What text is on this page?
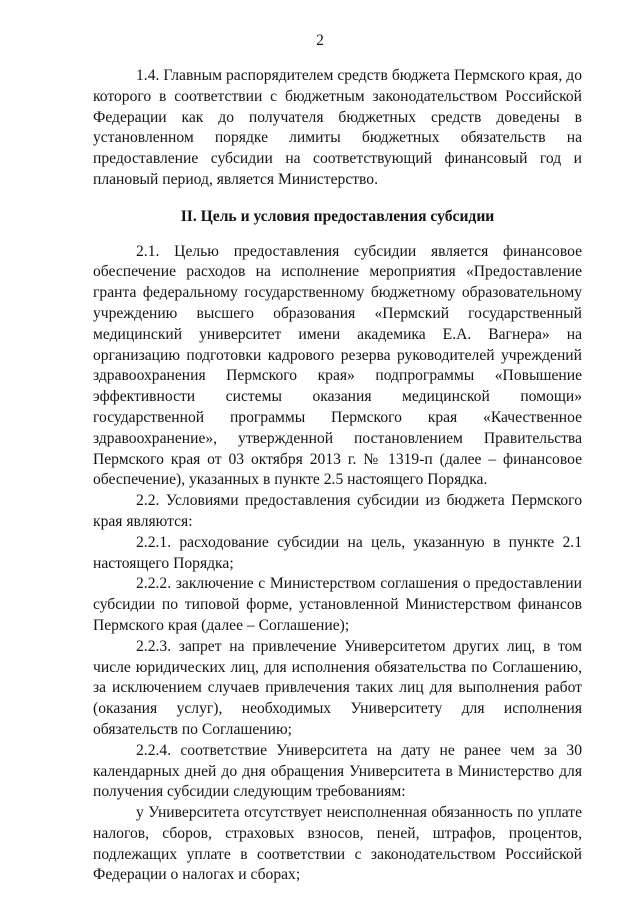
2

1.4. Главным распорядителем средств бюджета Пермского края, до которого в соответствии с бюджетным законодательством Российской Федерации как до получателя бюджетных средств доведены в установленном порядке лимиты бюджетных обязательств на предоставление субсидии на соответствующий финансовый год и плановый период, является Министерство.

II. Цель и условия предоставления субсидии

2.1. Целью предоставления субсидии является финансовое обеспечение расходов на исполнение мероприятия «Предоставление гранта федеральному государственному бюджетному образовательному учреждению высшего образования «Пермский государственный медицинский университет имени академика Е.А. Вагнера» на организацию подготовки кадрового резерва руководителей учреждений здравоохранения Пермского края» подпрограммы «Повышение эффективности системы оказания медицинской помощи» государственной программы Пермского края «Качественное здравоохранение», утвержденной постановлением Правительства Пермского края от 03 октября 2013 г. № 1319-п (далее – финансовое обеспечение), указанных в пункте 2.5 настоящего Порядка.

2.2. Условиями предоставления субсидии из бюджета Пермского края являются:

2.2.1. расходование субсидии на цель, указанную в пункте 2.1 настоящего Порядка;

2.2.2. заключение с Министерством соглашения о предоставлении субсидии по типовой форме, установленной Министерством финансов Пермского края (далее – Соглашение);

2.2.3. запрет на привлечение Университетом других лиц, в том числе юридических лиц, для исполнения обязательства по Соглашению, за исключением случаев привлечения таких лиц для выполнения работ (оказания услуг), необходимых Университету для исполнения обязательств по Соглашению;

2.2.4. соответствие Университета на дату не ранее чем за 30 календарных дней до дня обращения Университета в Министерство для получения субсидии следующим требованиям:

у Университета отсутствует неисполненная обязанность по уплате налогов, сборов, страховых взносов, пеней, штрафов, процентов, подлежащих уплате в соответствии с законодательством Российской Федерации о налогах и сборах;
